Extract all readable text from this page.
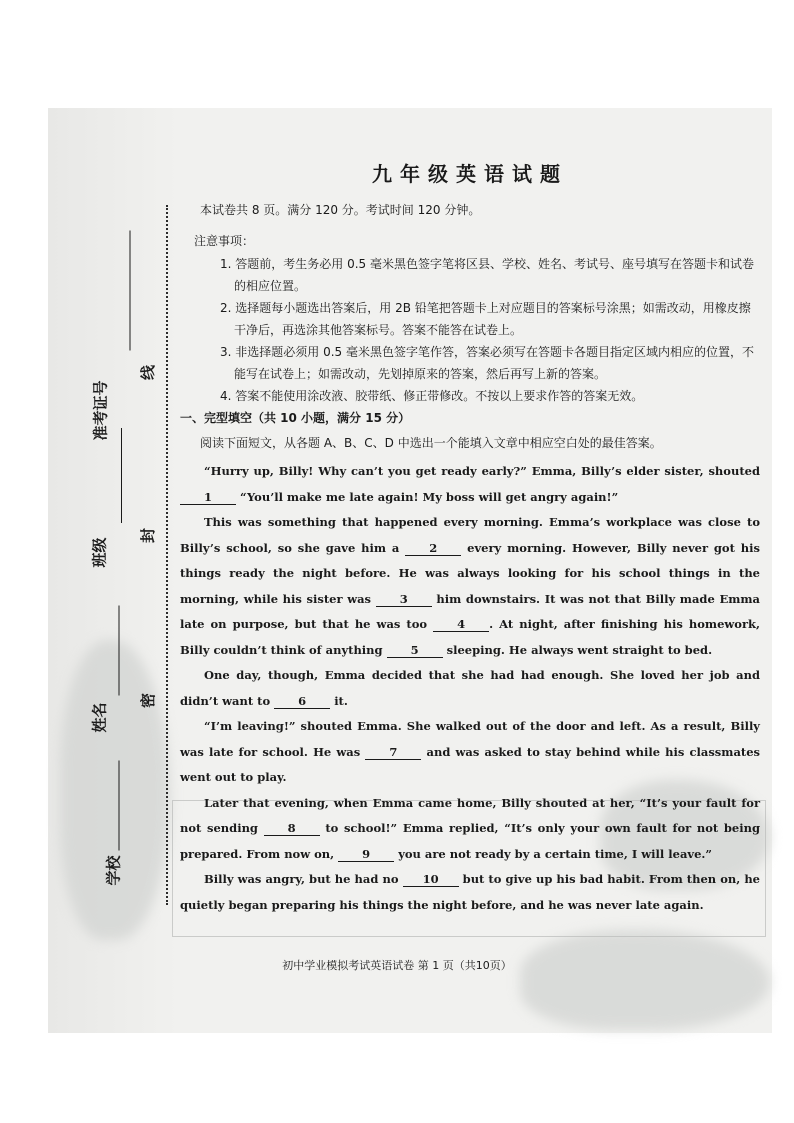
学校
姓名
密
班级
封
准考证号
线
九年级英语试题
本试卷共 8 页。满分 120 分。考试时间 120 分钟。
注意事项：
1. 答题前，考生务必用 0.5 毫米黑色签字笔将区县、学校、姓名、考试号、座号填写在答题卡和试卷的相应位置。
2. 选择题每小题选出答案后，用 2B 铅笔把答题卡上对应题目的答案标号涂黑；如需改动，用橡皮擦干净后，再选涂其他答案标号。答案不能答在试卷上。
3. 非选择题必须用 0.5 毫米黑色签字笔作答，答案必须写在答题卡各题目指定区域内相应的位置，不能写在试卷上；如需改动，先划掉原来的答案，然后再写上新的答案。
4. 答案不能使用涂改液、胶带纸、修正带修改。不按以上要求作答的答案无效。
一、完型填空（共 10 小题，满分 15 分）
阅读下面短文，从各题 A、B、C、D 中选出一个能填入文章中相应空白处的最佳答案。

“Hurry up, Billy! Why can’t you get ready early?” Emma, Billy’s elder sister, shouted 1 “You’ll make me late again! My boss will get angry again!”

This was something that happened every morning. Emma’s workplace was close to Billy’s school, so she gave him a	2	every morning. However, Billy never got his things ready the night before. He was always looking for his school things in the morning, while his sister was 3 him downstairs. It was not that Billy made Emma late on purpose, but that he was too	4 . At night, after finishing his homework, Billy couldn’t think of anything 5 sleeping. He always went straight to bed.

One day, though, Emma decided that she had had enough. She loved her job and didn’t want to 6 it.

“I’m leaving!” shouted Emma. She walked out of the door and left. As a result, Billy was late for school. He was	7	and was asked to stay behind while his classmates went out to play.

Later that evening, when Emma came home, Billy shouted at her, “It’s your fault for not sending	8	to school!” Emma replied, “It’s only your own fault for not being prepared. From now on, 9 you are not ready by a certain time, I will leave.”

Billy was angry, but he had no 10 but to give up his bad habit. From then on, he quietly began preparing his things the night before, and he was never late again.

初中学业模拟考试英语试卷 第 1 页（共10页）
